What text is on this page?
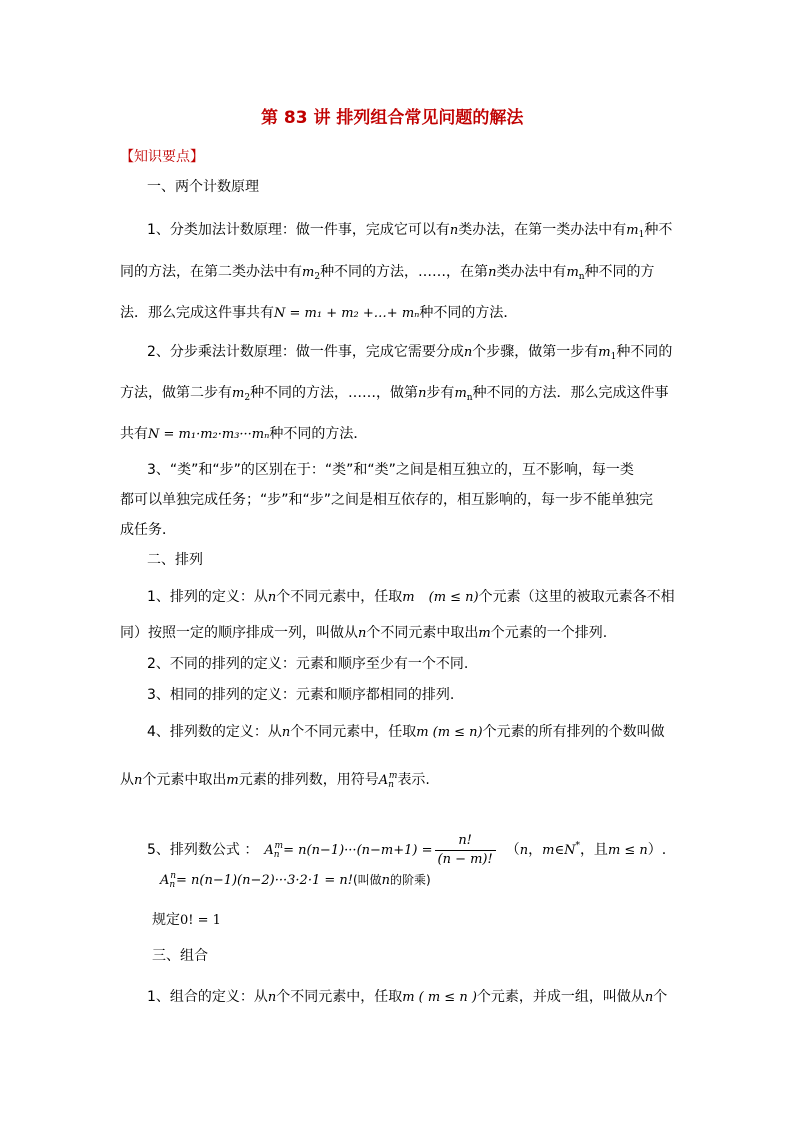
第 83 讲 排列组合常见问题的解法
【知识要点】
一、两个计数原理
1、分类加法计数原理：做一件事，完成它可以有n类办法，在第一类办法中有$m_1$种不
同的方法，在第二类办法中有$m_2$种不同的方法，……，在第n类办法中有$m_n$种不同的方
法．那么完成这件事共有N = m₁ + m₂ +…+ mₙ种不同的方法．
2、分步乘法计数原理：做一件事，完成它需要分成n个步骤，做第一步有$m_1$种不同的
方法，做第二步有$m_2$种不同的方法，……，做第n步有$m_n$种不同的方法．那么完成这件事
共有N = m₁·m₂·m₃···mₙ种不同的方法．
3、“类”和“步”的区别在于：“类”和“类”之间是相互独立的，互不影响，每一类
都可以单独完成任务；“步”和“步”之间是相互依存的，相互影响的，每一步不能单独完
成任务．
二、排列
1、排列的定义：从n个不同元素中，任取m (m ≤ n)个元素（这里的被取元素各不相
同）按照一定的顺序排成一列，叫做从n个不同元素中取出m个元素的一个排列.
2、不同的排列的定义：元素和顺序至少有一个不同.
3、相同的排列的定义：元素和顺序都相同的排列.
4、排列数的定义：从n个不同元素中，任取m (m ≤ n)个元素的所有排列的个数叫做
从n个元素中取出m元素的排列数，用符号$A_n^m$表示.
5、排列数公式 ： $A_n^m= n(n-1)\cdot\cdot\cdot(n-m+1) = \frac{n!}{(n - m)!} (n$，m∈N*，且m ≤ n）.
$A_n^n= n(n-1)(n-2)\cdot\cdot\cdot 3\cdot 2\cdot 1 = n$!(叫做n的阶乘)
规定0! = 1
三、组合
1、组合的定义：从n个不同元素中，任取m ( m ≤ n )个元素，并成一组，叫做从n个
